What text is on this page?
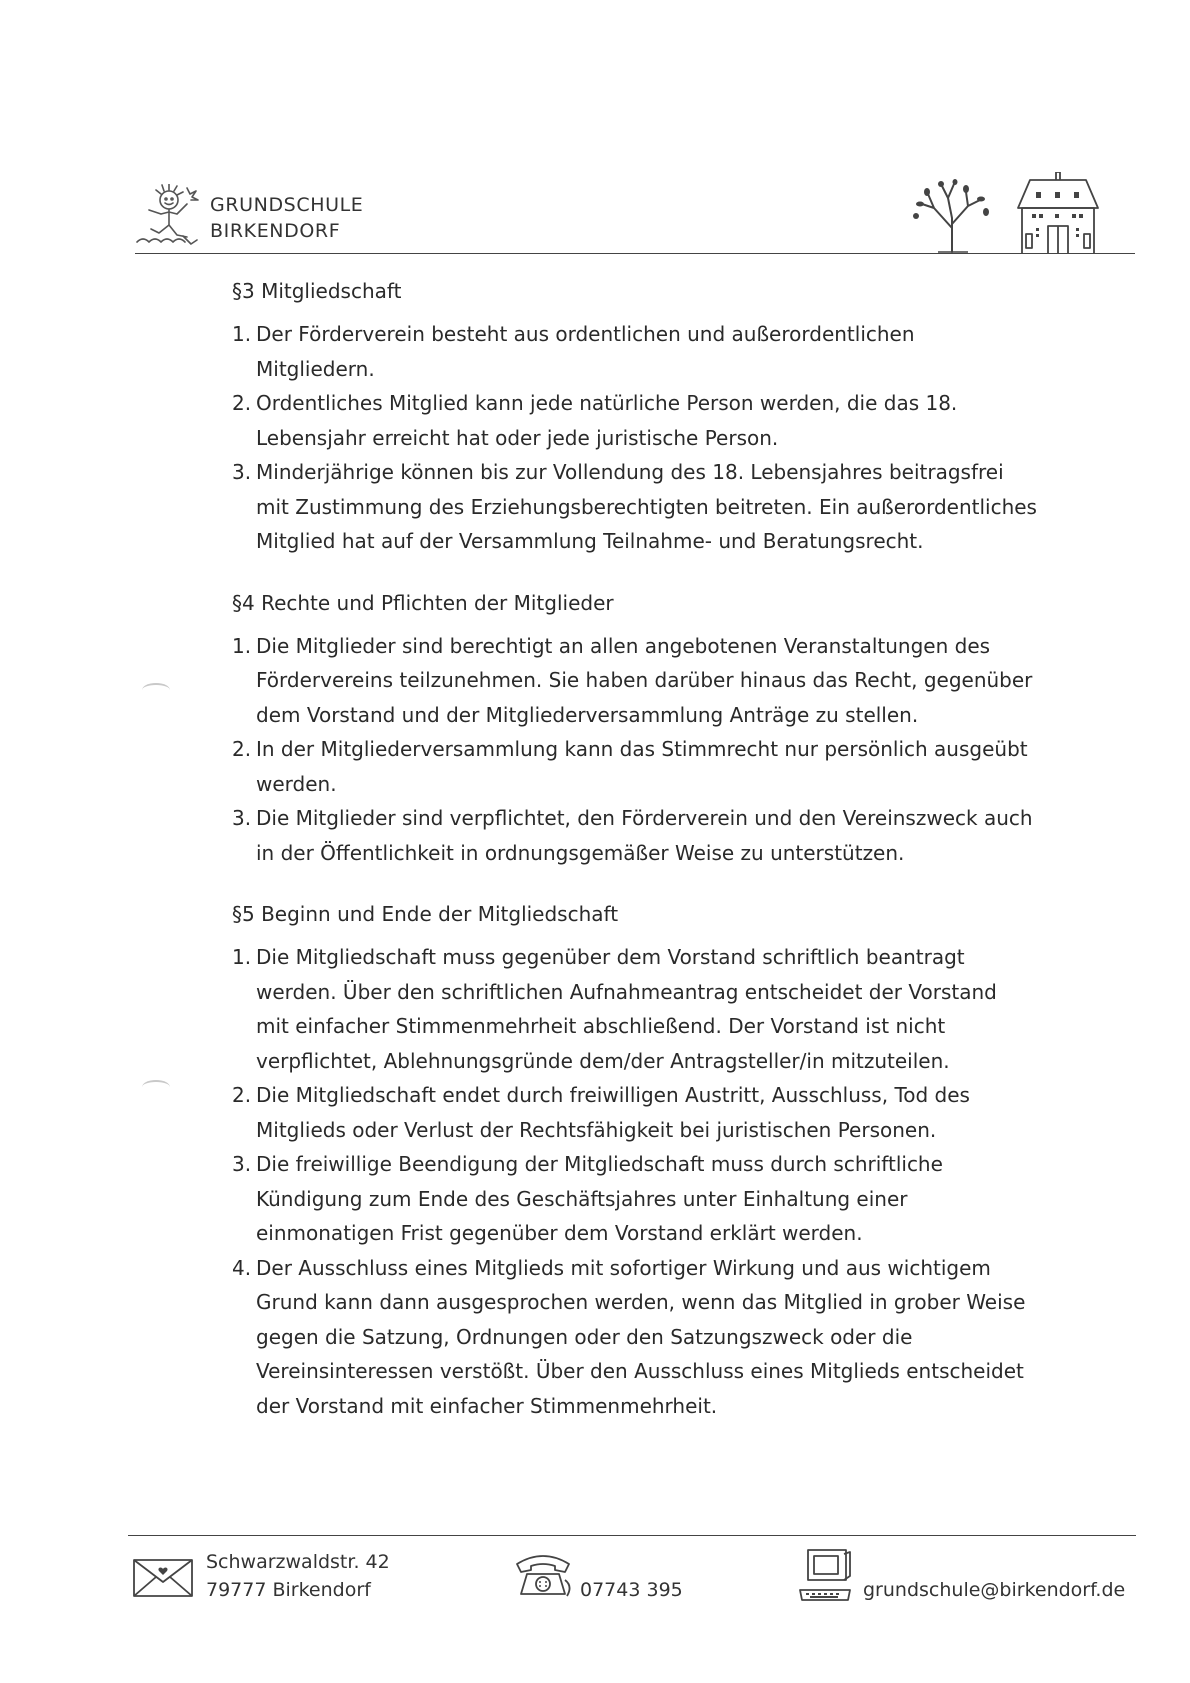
GRUNDSCHULE
BIRKENDORF
§3 Mitgliedschaft
1. Der Förderverein besteht aus ordentlichen und außerordentlichen
Mitgliedern.
2. Ordentliches Mitglied kann jede natürliche Person werden, die das 18.
Lebensjahr erreicht hat oder jede juristische Person.
3. Minderjährige können bis zur Vollendung des 18. Lebensjahres beitragsfrei
mit Zustimmung des Erziehungsberechtigten beitreten. Ein außerordentliches
Mitglied hat auf der Versammlung Teilnahme- und Beratungsrecht.
§4 Rechte und Pflichten der Mitglieder
1. Die Mitglieder sind berechtigt an allen angebotenen Veranstaltungen des
Fördervereins teilzunehmen. Sie haben darüber hinaus das Recht, gegenüber
dem Vorstand und der Mitgliederversammlung Anträge zu stellen.
2. In der Mitgliederversammlung kann das Stimmrecht nur persönlich ausgeübt
werden.
3. Die Mitglieder sind verpflichtet, den Förderverein und den Vereinszweck auch
in der Öffentlichkeit in ordnungsgemäßer Weise zu unterstützen.
§5 Beginn und Ende der Mitgliedschaft
1. Die Mitgliedschaft muss gegenüber dem Vorstand schriftlich beantragt
werden. Über den schriftlichen Aufnahmeantrag entscheidet der Vorstand
mit einfacher Stimmenmehrheit abschließend. Der Vorstand ist nicht
verpflichtet, Ablehnungsgründe dem/der Antragsteller/in mitzuteilen.
2. Die Mitgliedschaft endet durch freiwilligen Austritt, Ausschluss, Tod des
Mitglieds oder Verlust der Rechtsfähigkeit bei juristischen Personen.
3. Die freiwillige Beendigung der Mitgliedschaft muss durch schriftliche
Kündigung zum Ende des Geschäftsjahres unter Einhaltung einer
einmonatigen Frist gegenüber dem Vorstand erklärt werden.
4. Der Ausschluss eines Mitglieds mit sofortiger Wirkung und aus wichtigem
Grund kann dann ausgesprochen werden, wenn das Mitglied in grober Weise
gegen die Satzung, Ordnungen oder den Satzungszweck oder die
Vereinsinteressen verstößt. Über den Ausschluss eines Mitglieds entscheidet
der Vorstand mit einfacher Stimmenmehrheit.
Schwarzwaldstr. 42
79777 Birkendorf	07743 395	grundschule@birkendorf.de
